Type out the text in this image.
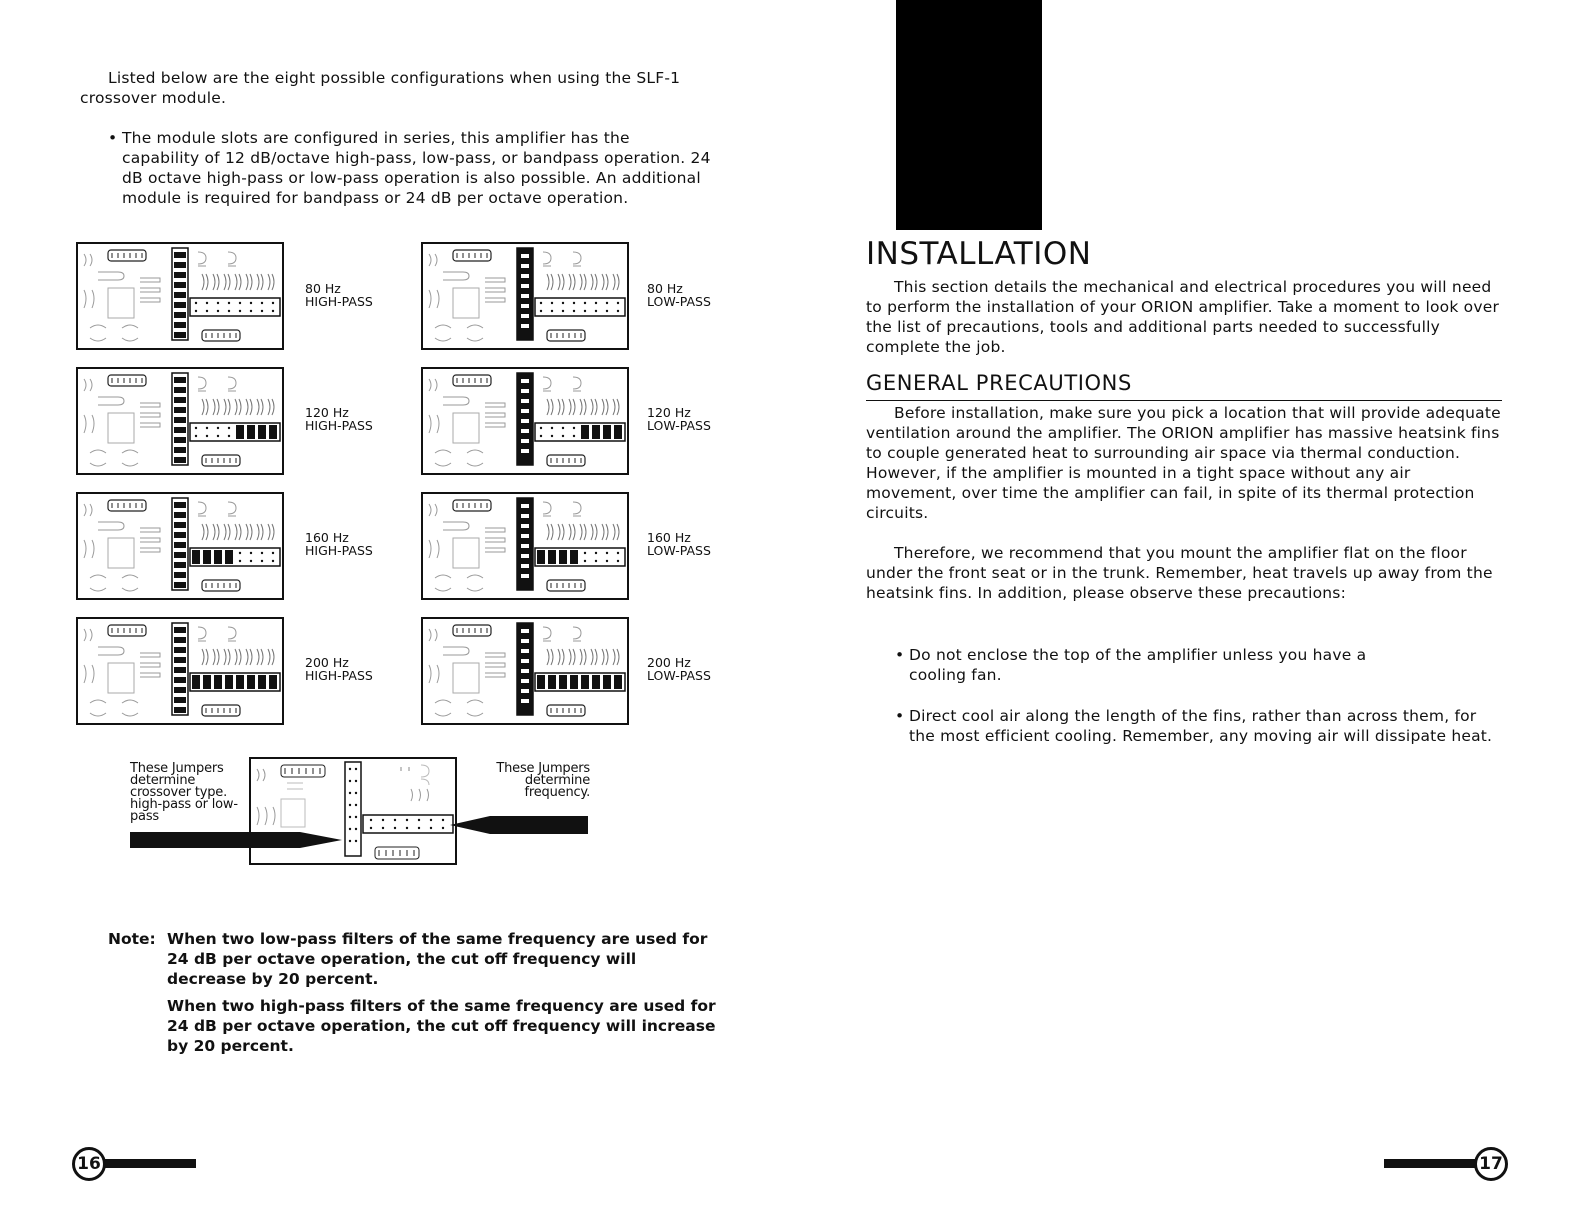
Listed below are the eight possible configurations when using the SLF-1 crossover module.
• The module slots are configured in series, this amplifier has the capability of 12 dB/octave high-pass, low-pass, or bandpass operation. 24 dB octave high-pass or low-pass operation is also possible. An additional module is required for bandpass or 24 dB per octave operation.
80 Hz
HIGH-PASS
80 Hz
LOW-PASS
120 Hz
HIGH-PASS
120 Hz
LOW-PASS
160 Hz
HIGH-PASS
160 Hz
LOW-PASS
200 Hz
HIGH-PASS
200 Hz
LOW-PASS
These Jumpers determine crossover type. high-pass or low-pass
These Jumpers determine frequency.
Note: When two low-pass filters of the same frequency are used for 24 dB per octave operation, the cut off frequency will decrease by 20 percent.
When two high-pass filters of the same frequency are used for 24 dB per octave operation, the cut off frequency will increase by 20 percent.
16
INSTALLATION
This section details the mechanical and electrical procedures you will need to perform the installation of your ORION amplifier. Take a moment to look over the list of precautions, tools and additional parts needed to successfully complete the job.
GENERAL PRECAUTIONS
Before installation, make sure you pick a location that will provide adequate ventilation around the amplifier. The ORION amplifier has massive heatsink fins to couple generated heat to surrounding air space via thermal conduction. However, if the amplifier is mounted in a tight space without any air movement, over time the amplifier can fail, in spite of its thermal protection circuits.
Therefore, we recommend that you mount the amplifier flat on the floor under the front seat or in the trunk. Remember, heat travels up away from the heatsink fins. In addition, please observe these precautions:
• Do not enclose the top of the amplifier unless you have a cooling fan.
• Direct cool air along the length of the fins, rather than across them, for the most efficient cooling. Remember, any moving air will dissipate heat.
17
